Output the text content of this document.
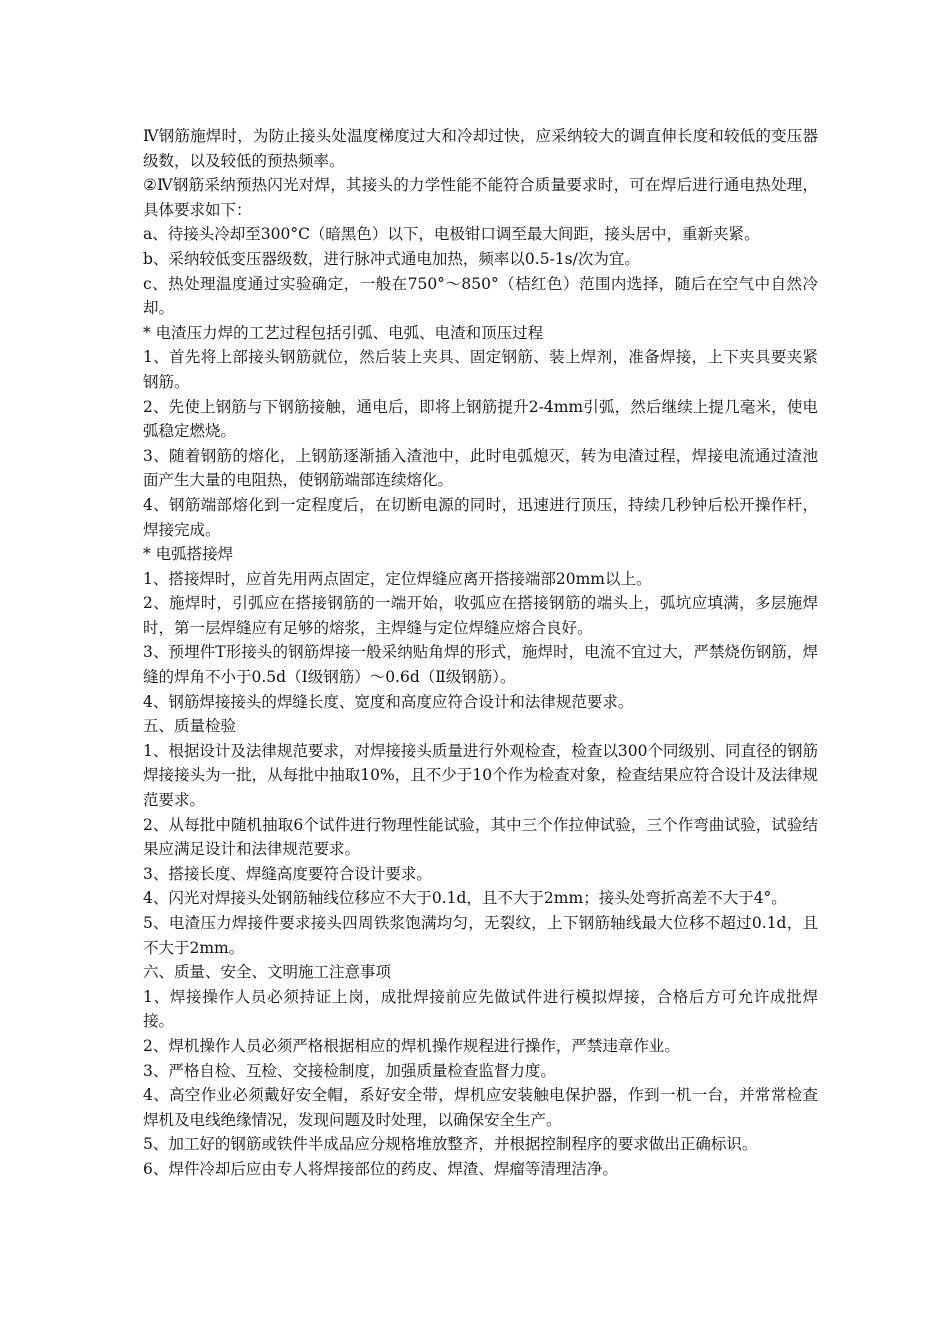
Ⅳ钢筋施焊时，为防止接头处温度梯度过大和冷却过快，应采纳较大的调直伸长度和较低的变压器级数，以及较低的预热频率。

②Ⅳ钢筋采纳预热闪光对焊，其接头的力学性能不能符合质量要求时，可在焊后进行通电热处理，具体要求如下：

a、待接头冷却至300°C（暗黑色）以下，电极钳口调至最大间距，接头居中，重新夹紧。

b、采纳较低变压器级数，进行脉冲式通电加热，频率以0.5-1s/次为宜。

c、热处理温度通过实验确定，一般在750°～850°（桔红色）范围内选择，随后在空气中自然冷却。

* 电渣压力焊的工艺过程包括引弧、电弧、电渣和顶压过程

1、首先将上部接头钢筋就位，然后装上夹具、固定钢筋、装上焊剂，准备焊接，上下夹具要夹紧钢筋。

2、先使上钢筋与下钢筋接触，通电后，即将上钢筋提升2-4mm引弧，然后继续上提几毫米，使电弧稳定燃烧。

3、随着钢筋的熔化，上钢筋逐渐插入渣池中，此时电弧熄灭，转为电渣过程，焊接电流通过渣池面产生大量的电阻热，使钢筋端部连续熔化。

4、钢筋端部熔化到一定程度后，在切断电源的同时，迅速进行顶压，持续几秒钟后松开操作杆，焊接完成。

* 电弧搭接焊

1、搭接焊时，应首先用两点固定，定位焊缝应离开搭接端部20mm以上。

2、施焊时，引弧应在搭接钢筋的一端开始，收弧应在搭接钢筋的端头上，弧坑应填满，多层施焊时，第一层焊缝应有足够的熔浆，主焊缝与定位焊缝应熔合良好。

3、预埋件T形接头的钢筋焊接一般采纳贴角焊的形式，施焊时，电流不宜过大，严禁烧伤钢筋，焊缝的焊角不小于0.5d（Ⅰ级钢筋）～0.6d（Ⅱ级钢筋）。

4、钢筋焊接接头的焊缝长度、宽度和高度应符合设计和法律规范要求。

五、质量检验

1、根据设计及法律规范要求，对焊接接头质量进行外观检查，检查以300个同级别、同直径的钢筋焊接接头为一批，从每批中抽取10%，且不少于10个作为检查对象，检查结果应符合设计及法律规范要求。

2、从每批中随机抽取6个试件进行物理性能试验，其中三个作拉伸试验，三个作弯曲试验，试验结果应满足设计和法律规范要求。

3、搭接长度、焊缝高度要符合设计要求。

4、闪光对焊接头处钢筋轴线位移应不大于0.1d，且不大于2mm；接头处弯折高差不大于4°。

5、电渣压力焊接件要求接头四周铁浆饱满均匀，无裂纹，上下钢筋轴线最大位移不超过0.1d，且不大于2mm。

六、质量、安全、文明施工注意事项

1、焊接操作人员必须持证上岗，成批焊接前应先做试件进行模拟焊接，合格后方可允许成批焊接。

2、焊机操作人员必须严格根据相应的焊机操作规程进行操作，严禁违章作业。

3、严格自检、互检、交接检制度，加强质量检查监督力度。

4、高空作业必须戴好安全帽，系好安全带，焊机应安装触电保护器，作到一机一台，并常常检查焊机及电线绝缘情况，发现问题及时处理，以确保安全生产。

5、加工好的钢筋或铁件半成品应分规格堆放整齐，并根据控制程序的要求做出正确标识。

6、焊件冷却后应由专人将焊接部位的药皮、焊渣、焊瘤等清理洁净。
